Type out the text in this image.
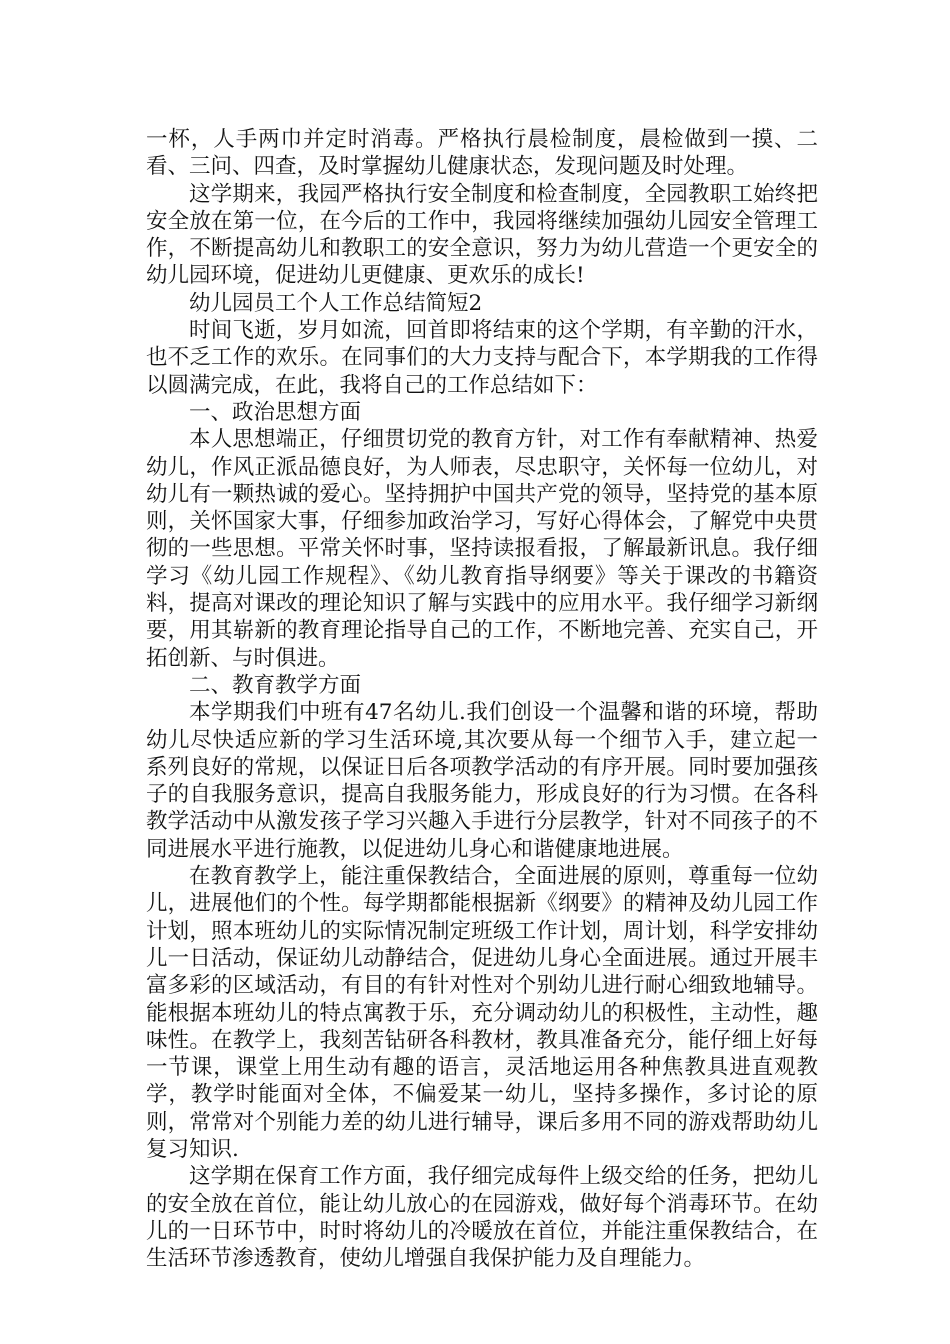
一杯，人手两巾并定时消毒。严格执行晨检制度，晨检做到一摸、二看、三问、四查，及时掌握幼儿健康状态，发现问题及时处理。

这学期来，我园严格执行安全制度和检查制度，全园教职工始终把安全放在第一位，在今后的工作中，我园将继续加强幼儿园安全管理工作，不断提高幼儿和教职工的安全意识，努力为幼儿营造一个更安全的幼儿园环境，促进幼儿更健康、更欢乐的成长!

幼儿园员工个人工作总结简短2

时间飞逝，岁月如流，回首即将结束的这个学期，有辛勤的汗水，也不乏工作的欢乐。在同事们的大力支持与配合下，本学期我的工作得以圆满完成，在此，我将自己的工作总结如下：

一、政治思想方面

本人思想端正，仔细贯切党的教育方针，对工作有奉献精神、热爱幼儿，作风正派品德良好，为人师表，尽忠职守，关怀每一位幼儿，对幼儿有一颗热诚的爱心。坚持拥护中国共产党的领导，坚持党的基本原则，关怀国家大事，仔细参加政治学习，写好心得体会，了解党中央贯彻的一些思想。平常关怀时事，坚持读报看报，了解最新讯息。我仔细学习《幼儿园工作规程》、《幼儿教育指导纲要》等关于课改的书籍资料，提高对课改的理论知识了解与实践中的应用水平。我仔细学习新纲要，用其崭新的教育理论指导自己的工作，不断地完善、充实自己，开拓创新、与时俱进。

二、教育教学方面

本学期我们中班有47名幼儿.我们创设一个温馨和谐的环境，帮助幼儿尽快适应新的学习生活环境,其次要从每一个细节入手，建立起一系列良好的常规，以保证日后各项教学活动的有序开展。同时要加强孩子的自我服务意识，提高自我服务能力，形成良好的行为习惯。在各科教学活动中从激发孩子学习兴趣入手进行分层教学，针对不同孩子的不同进展水平进行施教，以促进幼儿身心和谐健康地进展。

在教育教学上，能注重保教结合，全面进展的原则，尊重每一位幼儿，进展他们的个性。每学期都能根据新《纲要》的精神及幼儿园工作计划，照本班幼儿的实际情况制定班级工作计划，周计划，科学安排幼儿一日活动，保证幼儿动静结合，促进幼儿身心全面进展。通过开展丰富多彩的区域活动，有目的有针对性对个别幼儿进行耐心细致地辅导。能根据本班幼儿的特点寓教于乐，充分调动幼儿的积极性，主动性，趣味性。在教学上，我刻苦钻研各科教材，教具准备充分，能仔细上好每一节课，课堂上用生动有趣的语言，灵活地运用各种焦教具进直观教学，教学时能面对全体，不偏爱某一幼儿，坚持多操作，多讨论的原则，常常对个别能力差的幼儿进行辅导，课后多用不同的游戏帮助幼儿复习知识.

这学期在保育工作方面，我仔细完成每件上级交给的任务，把幼儿的安全放在首位，能让幼儿放心的在园游戏，做好每个消毒环节。在幼儿的一日环节中，时时将幼儿的冷暖放在首位，并能注重保教结合，在生活环节渗透教育，使幼儿增强自我保护能力及自理能力。
